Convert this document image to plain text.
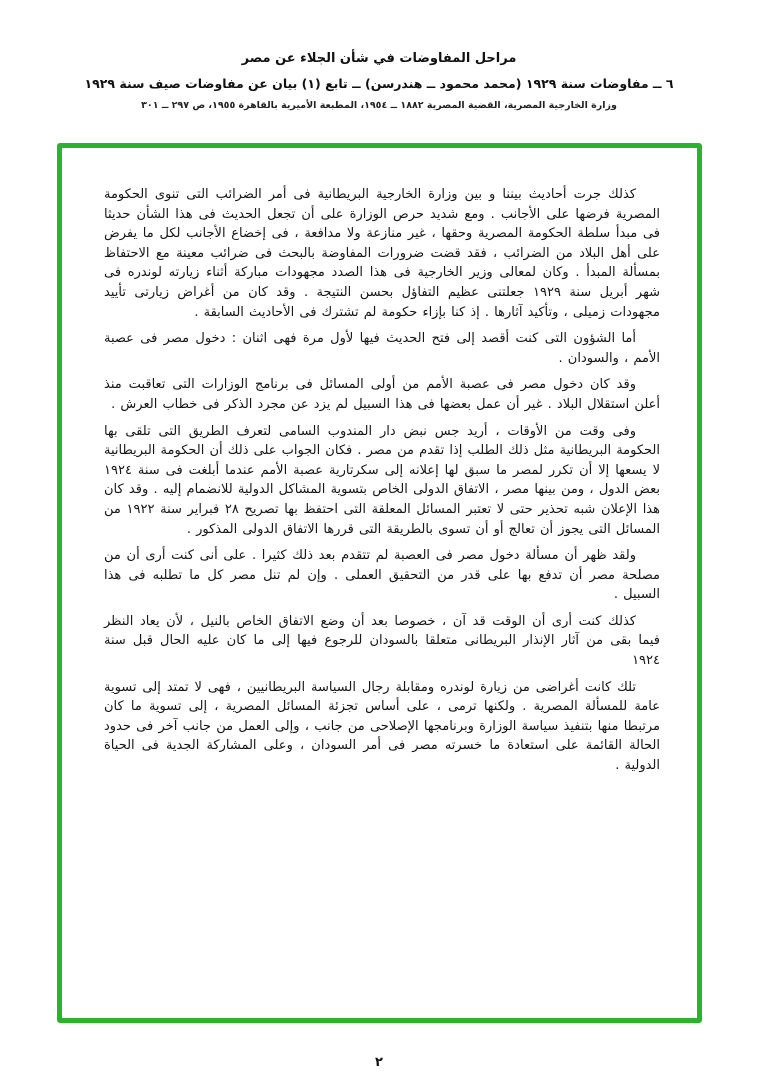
مراحل المفاوضات في شأن الجلاء عن مصر
٦ ــ مفاوضات سنة ١٩٢٩ (محمد محمود ــ هندرسن) ــ تابع (١) بيان عن مفاوضات صيف سنة ١٩٢٩
وزارة الخارجية المصرية، القضية المصرية ١٨٨٢ ــ ١٩٥٤، المطبعة الأميرية بالقاهرة ١٩٥٥، ص ٢٩٧ ــ ٣٠١

كذلك جرت أحاديث بيننا و بين وزارة الخارجية البريطانية فى أمر الضرائب التى تنوى الحكومة المصرية فرضها على الأجانب . ومع شديد حرص الوزارة على أن تجعل الحديث فى هذا الشأن حديثا فى مبدأ سلطة الحكومة المصرية وحقها ، غير منازعة ولا مدافعة ، فى إخضاع الأجانب لكل ما يفرض على أهل البلاد من الضرائب ، فقد قضت ضرورات المفاوضة بالبحث فى ضرائب معينة مع الاحتفاظ بمسألة المبدأ . وكان لمعالى وزير الخارجية فى هذا الصدد مجهودات مباركة أثناء زيارته لوندره فى شهر أبريل سنة ١٩٢٩ جعلتنى عظيم التفاؤل بحسن النتيجة . وقد كان من أغراض زيارتى تأييد مجهودات زميلى ، وتأكيد آثارها . إذ كنا بإزاء حكومة لم تشترك فى الأحاديث السابقة .

أما الشؤون التى كنت أقصد إلى فتح الحديث فيها لأول مرة فهى اثنان : دخول مصر فى عصبة الأمم ، والسودان .

وقد كان دخول مصر فى عصبة الأمم من أولى المسائل فى برنامج الوزارات التى تعاقبت منذ أعلن استقلال البلاد . غير أن عمل بعضها فى هذا السبيل لم يزد عن مجرد الذكر فى خطاب العرش .

وفى وقت من الأوقات ، أريد جس نبض دار المندوب السامى لتعرف الطريق التى تلقى بها الحكومة البريطانية مثل ذلك الطلب إذا تقدم من مصر . فكان الجواب على ذلك أن الحكومة البريطانية لا يسعها إلا أن تكرر لمصر ما سبق لها إعلانه إلى سكرتارية عصبة الأمم عندما أبلغت فى سنة ١٩٢٤ بعض الدول ، ومن بينها مصر ، الاتفاق الدولى الخاص بتسوية المشاكل الدولية للانضمام إليه . وقد كان هذا الإعلان شبه تحذير حتى لا تعتبر المسائل المعلقة التى احتفظ بها تصريح ٢٨ فبراير سنة ١٩٢٢ من المسائل التى يجوز أن تعالج أو أن تسوى بالطريقة التى قررها الاتفاق الدولى المذكور .

ولقد ظهر أن مسألة دخول مصر فى العصبة لم تتقدم بعد ذلك كثيرا . على أنى كنت أرى أن من مصلحة مصر أن تدفع بها على قدر من التحقيق العملى . وإن لم تنل مصر كل ما تطلبه فى هذا السبيل .

كذلك كنت أرى أن الوقت قد آن ، خصوصا بعد أن وضع الاتفاق الخاص بالنيل ، لأن يعاد النظر فيما بقى من آثار الإنذار البريطانى متعلقا بالسودان للرجوع فيها إلى ما كان عليه الحال قبل سنة ١٩٢٤

تلك كانت أغراضى من زيارة لوندره ومقابلة رجال السياسة البريطانيين ، فهى لا تمتد إلى تسوية عامة للمسألة المصرية . ولكنها ترمى ، على أساس تجزئة المسائل المصرية ، إلى تسوية ما كان مرتبطا منها بتنفيذ سياسة الوزارة وبرنامجها الإصلاحى من جانب ، وإلى العمل من جانب آخر فى حدود الحالة القائمة على استعادة ما خسرته مصر فى أمر السودان ، وعلى المشاركة الجدية فى الحياة الدولية .

٢
